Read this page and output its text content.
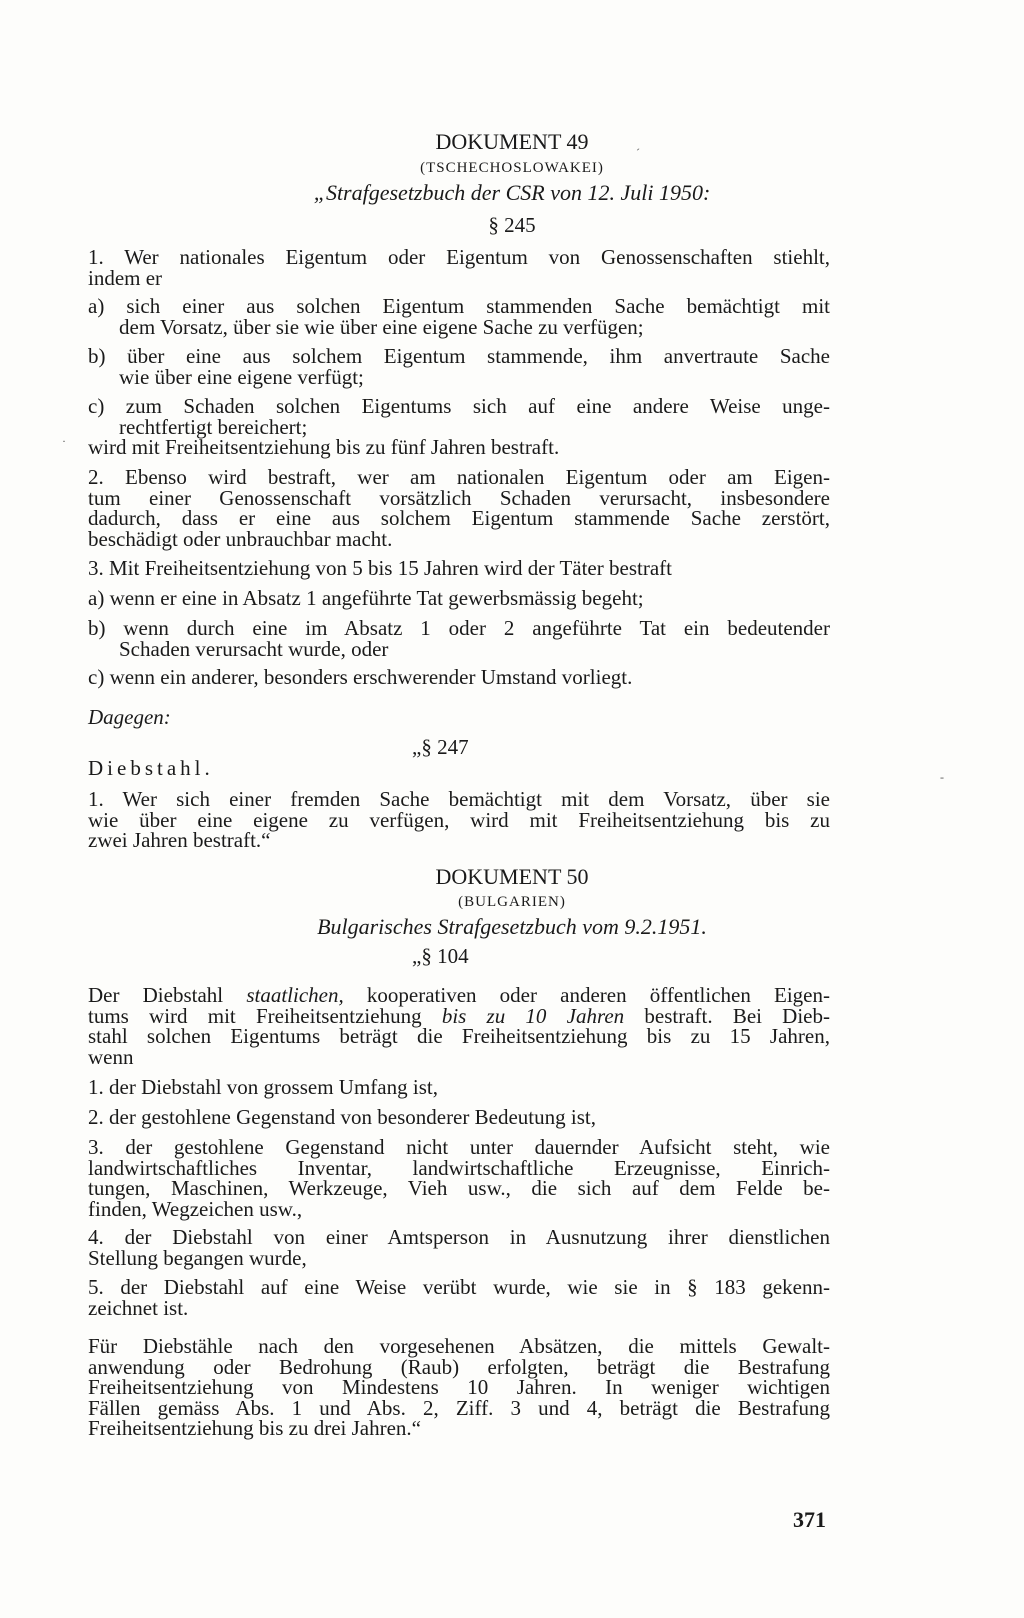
DOKUMENT 49
(TSCHECHOSLOWAKEI)
„Strafgesetzbuch der CSR von 12. Juli 1950:
§ 245
1. Wer nationales Eigentum oder Eigentum von Genossenschaften stiehlt,
indem er
a) sich einer aus solchen Eigentum stammenden Sache bemächtigt mit
dem Vorsatz, über sie wie über eine eigene Sache zu verfügen;
b) über eine aus solchem Eigentum stammende, ihm anvertraute Sache
wie über eine eigene verfügt;
c) zum Schaden solchen Eigentums sich auf eine andere Weise unge-
rechtfertigt bereichert;
wird mit Freiheitsentziehung bis zu fünf Jahren bestraft.
2. Ebenso wird bestraft, wer am nationalen Eigentum oder am Eigen-
tum einer Genossenschaft vorsätzlich Schaden verursacht, insbesondere
dadurch, dass er eine aus solchem Eigentum stammende Sache zerstört,
beschädigt oder unbrauchbar macht.
3. Mit Freiheitsentziehung von 5 bis 15 Jahren wird der Täter bestraft
a) wenn er eine in Absatz 1 angeführte Tat gewerbsmässig begeht;
b) wenn durch eine im Absatz 1 oder 2 angeführte Tat ein bedeutender
Schaden verursacht wurde, oder
c) wenn ein anderer, besonders erschwerender Umstand vorliegt.
Dagegen:
„§ 247
Diebstahl.
1. Wer sich einer fremden Sache bemächtigt mit dem Vorsatz, über sie
wie über eine eigene zu verfügen, wird mit Freiheitsentziehung bis zu
zwei Jahren bestraft.“
DOKUMENT 50
(BULGARIEN)
Bulgarisches Strafgesetzbuch vom 9.2.1951.
„§ 104
Der Diebstahl staatlichen, kooperativen oder anderen öffentlichen Eigen-
tums wird mit Freiheitsentziehung bis zu 10 Jahren bestraft. Bei Dieb-
stahl solchen Eigentums beträgt die Freiheitsentziehung bis zu 15 Jahren,
wenn
1. der Diebstahl von grossem Umfang ist,
2. der gestohlene Gegenstand von besonderer Bedeutung ist,
3. der gestohlene Gegenstand nicht unter dauernder Aufsicht steht, wie
landwirtschaftliches Inventar, landwirtschaftliche Erzeugnisse, Einrich-
tungen, Maschinen, Werkzeuge, Vieh usw., die sich auf dem Felde be-
finden, Wegzeichen usw.,
4. der Diebstahl von einer Amtsperson in Ausnutzung ihrer dienstlichen
Stellung begangen wurde,
5. der Diebstahl auf eine Weise verübt wurde, wie sie in § 183 gekenn-
zeichnet ist.
Für Diebstähle nach den vorgesehenen Absätzen, die mittels Gewalt-
anwendung oder Bedrohung (Raub) erfolgten, beträgt die Bestrafung
Freiheitsentziehung von Mindestens 10 Jahren. In weniger wichtigen
Fällen gemäss Abs. 1 und Abs. 2, Ziff. 3 und 4, beträgt die Bestrafung
Freiheitsentziehung bis zu drei Jahren.“
371
ˊ
·
-
